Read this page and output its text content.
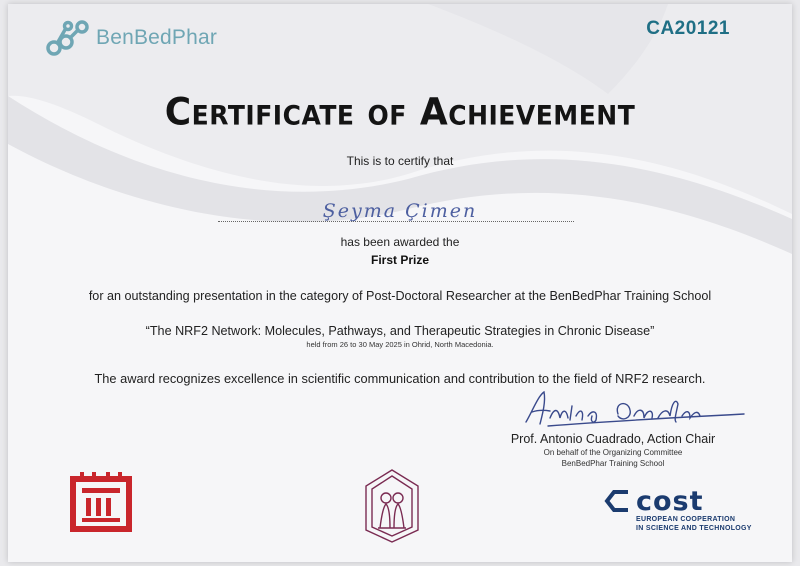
BenBedPhar	CA20121
Certificate of Achievement
This is to certify that
Şeyma Çimen
has been awarded the
First Prize
for an outstanding presentation in the category of Post-Doctoral Researcher at the BenBedPhar Training School
“The NRF2 Network: Molecules, Pathways, and Therapeutic Strategies in Chronic Disease”
held from 26 to 30 May 2025 in Ohrid, North Macedonia.
The award recognizes excellence in scientific communication and contribution to the field of NRF2 research.
Prof. Antonio Cuadrado, Action Chair
On behalf of the Organizing Committee
BenBedPhar Training School
cost
EUROPEAN COOPERATION
IN SCIENCE AND TECHNOLOGY
